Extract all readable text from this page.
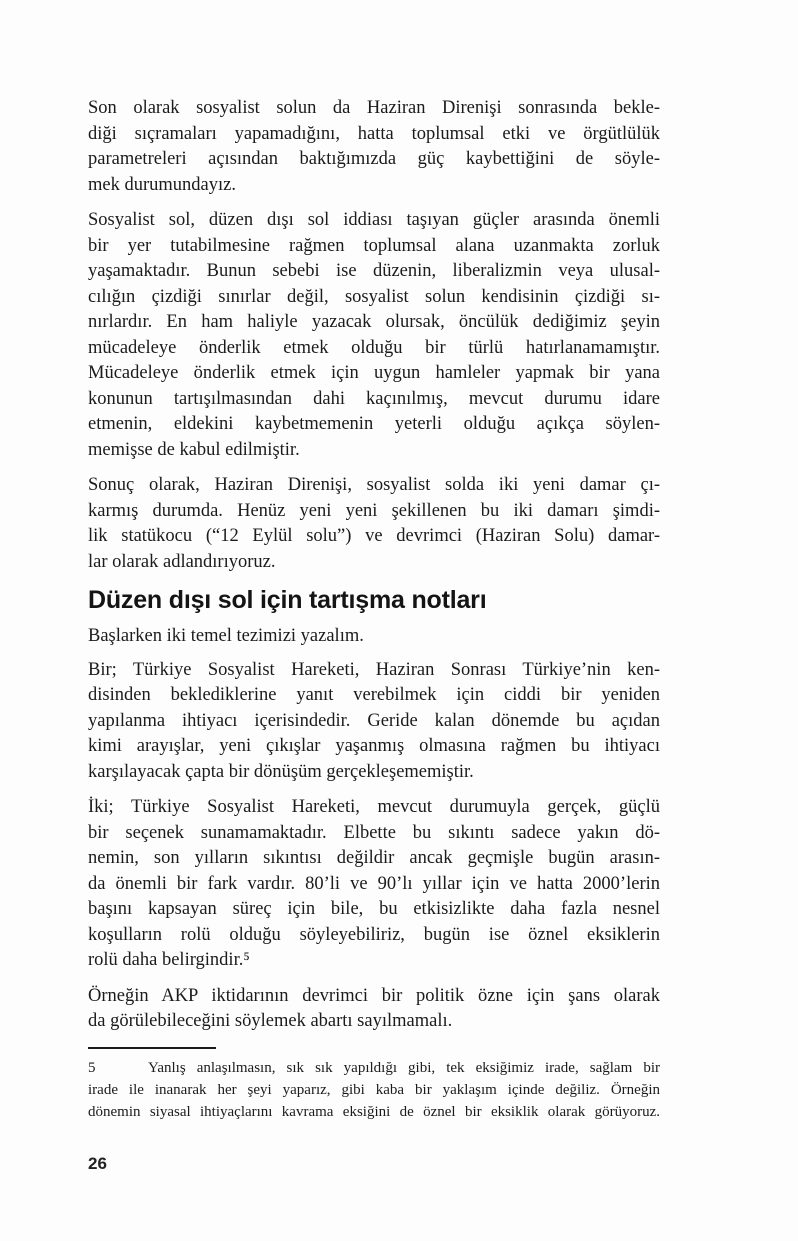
Son olarak sosyalist solun da Haziran Direnişi sonrasında bekle-
diği sıçramaları yapamadığını, hatta toplumsal etki ve örgütlülük
parametreleri açısından baktığımızda güç kaybettiğini de söyle-
mek durumundayız.
Sosyalist sol, düzen dışı sol iddiası taşıyan güçler arasında önemli
bir yer tutabilmesine rağmen toplumsal alana uzanmakta zorluk
yaşamaktadır. Bunun sebebi ise düzenin, liberalizmin veya ulusal-
cılığın çizdiği sınırlar değil, sosyalist solun kendisinin çizdiği sı-
nırlardır. En ham haliyle yazacak olursak, öncülük dediğimiz şeyin
mücadeleye önderlik etmek olduğu bir türlü hatırlanamamıştır.
Mücadeleye önderlik etmek için uygun hamleler yapmak bir yana
konunun tartışılmasından dahi kaçınılmış, mevcut durumu idare
etmenin, eldekini kaybetmemenin yeterli olduğu açıkça söylen-
memişse de kabul edilmiştir.
Sonuç olarak, Haziran Direnişi, sosyalist solda iki yeni damar çı-
karmış durumda. Henüz yeni yeni şekillenen bu iki damarı şimdi-
lik statükocu (“12 Eylül solu”) ve devrimci (Haziran Solu) damar-
lar olarak adlandırıyoruz.
Düzen dışı sol için tartışma notları
Başlarken iki temel tezimizi yazalım.
Bir; Türkiye Sosyalist Hareketi, Haziran Sonrası Türkiye’nin ken-
disinden beklediklerine yanıt verebilmek için ciddi bir yeniden
yapılanma ihtiyacı içerisindedir. Geride kalan dönemde bu açıdan
kimi arayışlar, yeni çıkışlar yaşanmış olmasına rağmen bu ihtiyacı
karşılayacak çapta bir dönüşüm gerçekleşememiştir.
İki; Türkiye Sosyalist Hareketi, mevcut durumuyla gerçek, güçlü
bir seçenek sunamamaktadır. Elbette bu sıkıntı sadece yakın dö-
nemin, son yılların sıkıntısı değildir ancak geçmişle bugün arasın-
da önemli bir fark vardır. 80’li ve 90’lı yıllar için ve hatta 2000’lerin
başını kapsayan süreç için bile, bu etkisizlikte daha fazla nesnel
koşulların rolü olduğu söyleyebiliriz, bugün ise öznel eksiklerin
rolü daha belirgindir.⁵
Örneğin AKP iktidarının devrimci bir politik özne için şans olarak
da görülebileceğini söylemek abartı sayılmamalı.
5	Yanlış anlaşılmasın, sık sık yapıldığı gibi, tek eksiğimiz irade, sağlam bir
irade ile inanarak her şeyi yaparız, gibi kaba bir yaklaşım içinde değiliz. Örneğin
dönemin siyasal ihtiyaçlarını kavrama eksiğini de öznel bir eksiklik olarak görüyoruz.
26
